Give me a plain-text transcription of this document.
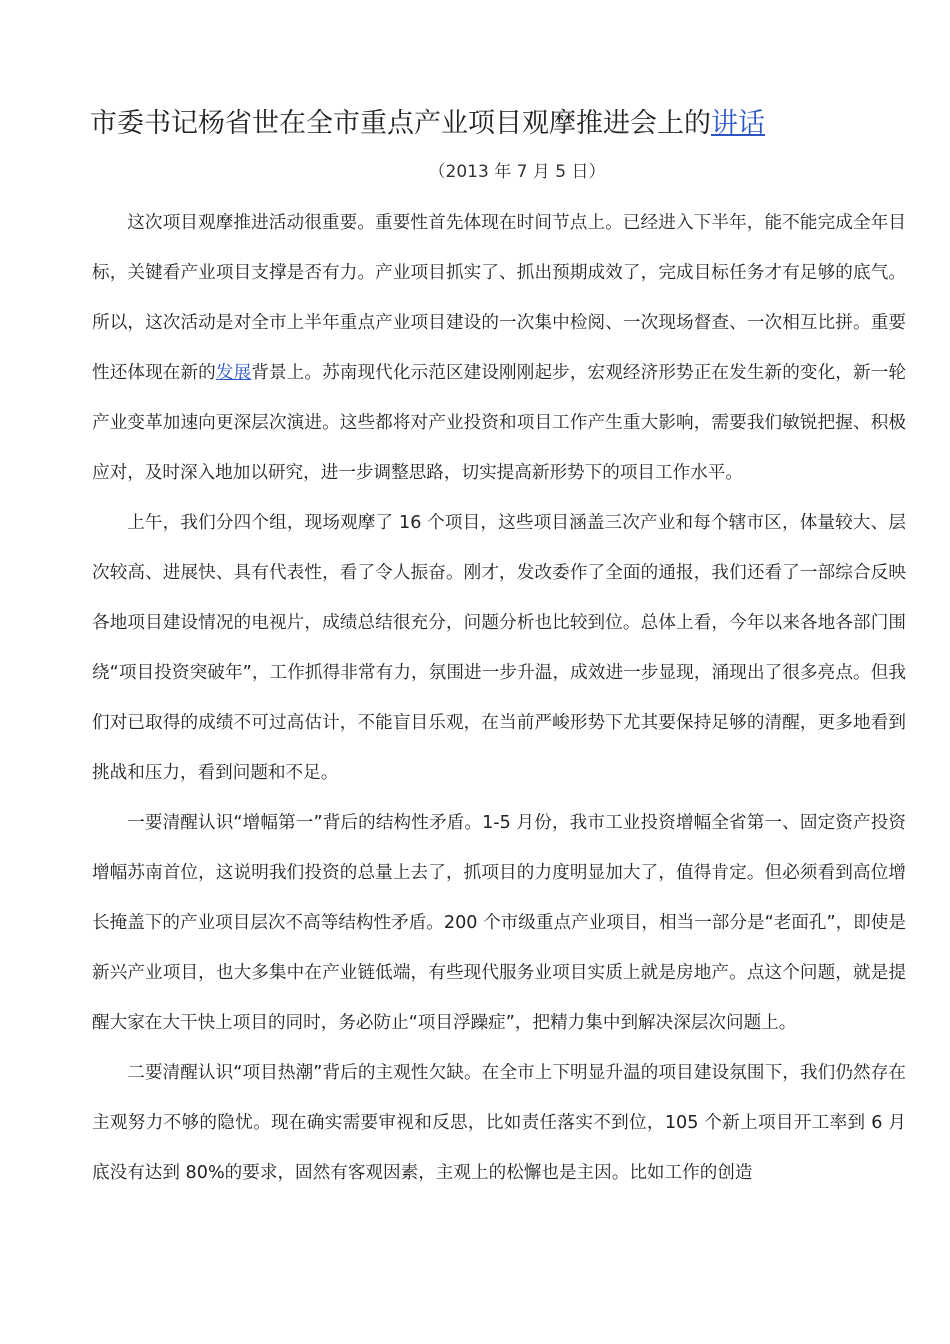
市委书记杨省世在全市重点产业项目观摩推进会上的讲话
（2013 年 7 月 5 日）

这次项目观摩推进活动很重要。重要性首先体现在时间节点上。已经进入下半年，能不能完成全年目标，关键看产业项目支撑是否有力。产业项目抓实了、抓出预期成效了，完成目标任务才有足够的底气。所以，这次活动是对全市上半年重点产业项目建设的一次集中检阅、一次现场督查、一次相互比拼。重要性还体现在新的发展背景上。苏南现代化示范区建设刚刚起步，宏观经济形势正在发生新的变化，新一轮产业变革加速向更深层次演进。这些都将对产业投资和项目工作产生重大影响，需要我们敏锐把握、积极应对，及时深入地加以研究，进一步调整思路，切实提高新形势下的项目工作水平。

上午，我们分四个组，现场观摩了 16 个项目，这些项目涵盖三次产业和每个辖市区，体量较大、层次较高、进展快、具有代表性，看了令人振奋。刚才，发改委作了全面的通报，我们还看了一部综合反映各地项目建设情况的电视片，成绩总结很充分，问题分析也比较到位。总体上看，今年以来各地各部门围绕“项目投资突破年”，工作抓得非常有力，氛围进一步升温，成效进一步显现，涌现出了很多亮点。但我们对已取得的成绩不可过高估计，不能盲目乐观，在当前严峻形势下尤其要保持足够的清醒，更多地看到挑战和压力，看到问题和不足。

一要清醒认识“增幅第一”背后的结构性矛盾。1-5 月份，我市工业投资增幅全省第一、固定资产投资增幅苏南首位，这说明我们投资的总量上去了，抓项目的力度明显加大了，值得肯定。但必须看到高位增长掩盖下的产业项目层次不高等结构性矛盾。200 个市级重点产业项目，相当一部分是“老面孔”，即使是新兴产业项目，也大多集中在产业链低端，有些现代服务业项目实质上就是房地产。点这个问题，就是提醒大家在大干快上项目的同时，务必防止“项目浮躁症”，把精力集中到解决深层次问题上。

二要清醒认识“项目热潮”背后的主观性欠缺。在全市上下明显升温的项目建设氛围下，我们仍然存在主观努力不够的隐忧。现在确实需要审视和反思，比如责任落实不到位，105 个新上项目开工率到 6 月底没有达到 80%的要求，固然有客观因素，主观上的松懈也是主因。比如工作的创造
